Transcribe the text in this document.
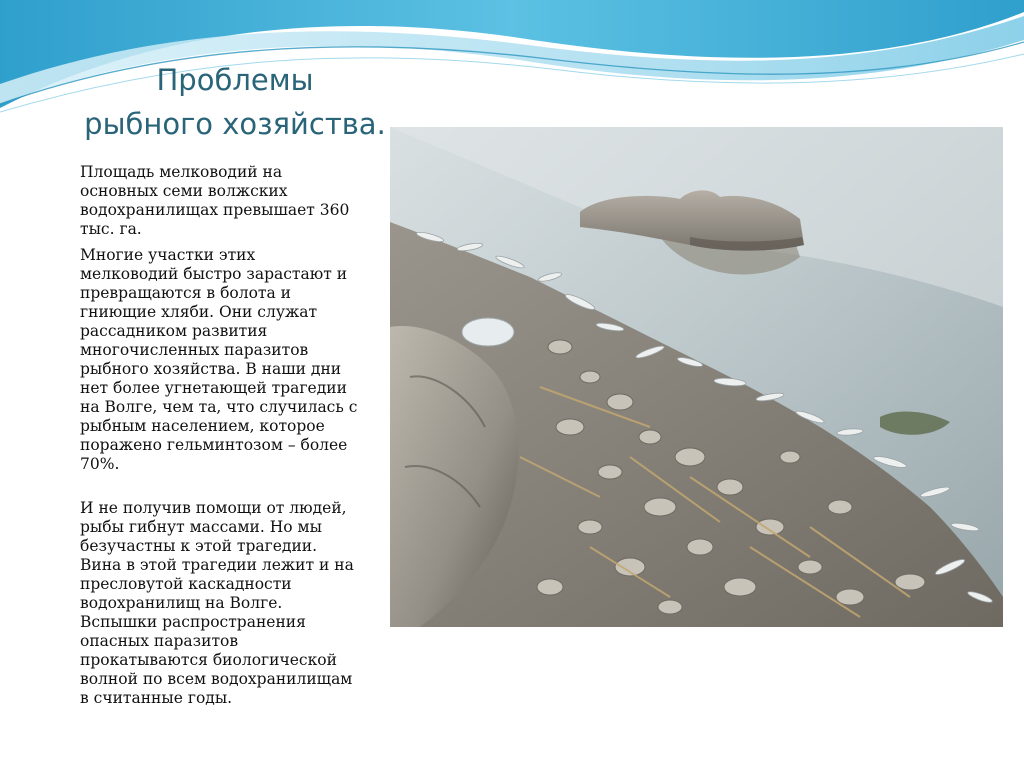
Проблемы
рыбного хозяйства.

Площадь мелководий на
основных семи волжских
водохранилищах превышает 360
тыс. га.

Многие участки этих
мелководий быстро зарастают и
превращаются в болота и
гниющие хляби. Они служат
рассадником развития
многочисленных паразитов
рыбного хозяйства. В наши дни
нет более угнетающей трагедии
на Волге, чем та, что случилась с
рыбным населением, которое
поражено гельминтозом – более
70%.

И не получив помощи от людей,
рыбы гибнут массами. Но мы
безучастны к этой трагедии.
Вина в этой трагедии лежит и на
пресловутой каскадности
водохранилищ на Волге.
Вспышки распространения
опасных паразитов
прокатываются биологической
волной по всем водохранилищам
в считанные годы.
